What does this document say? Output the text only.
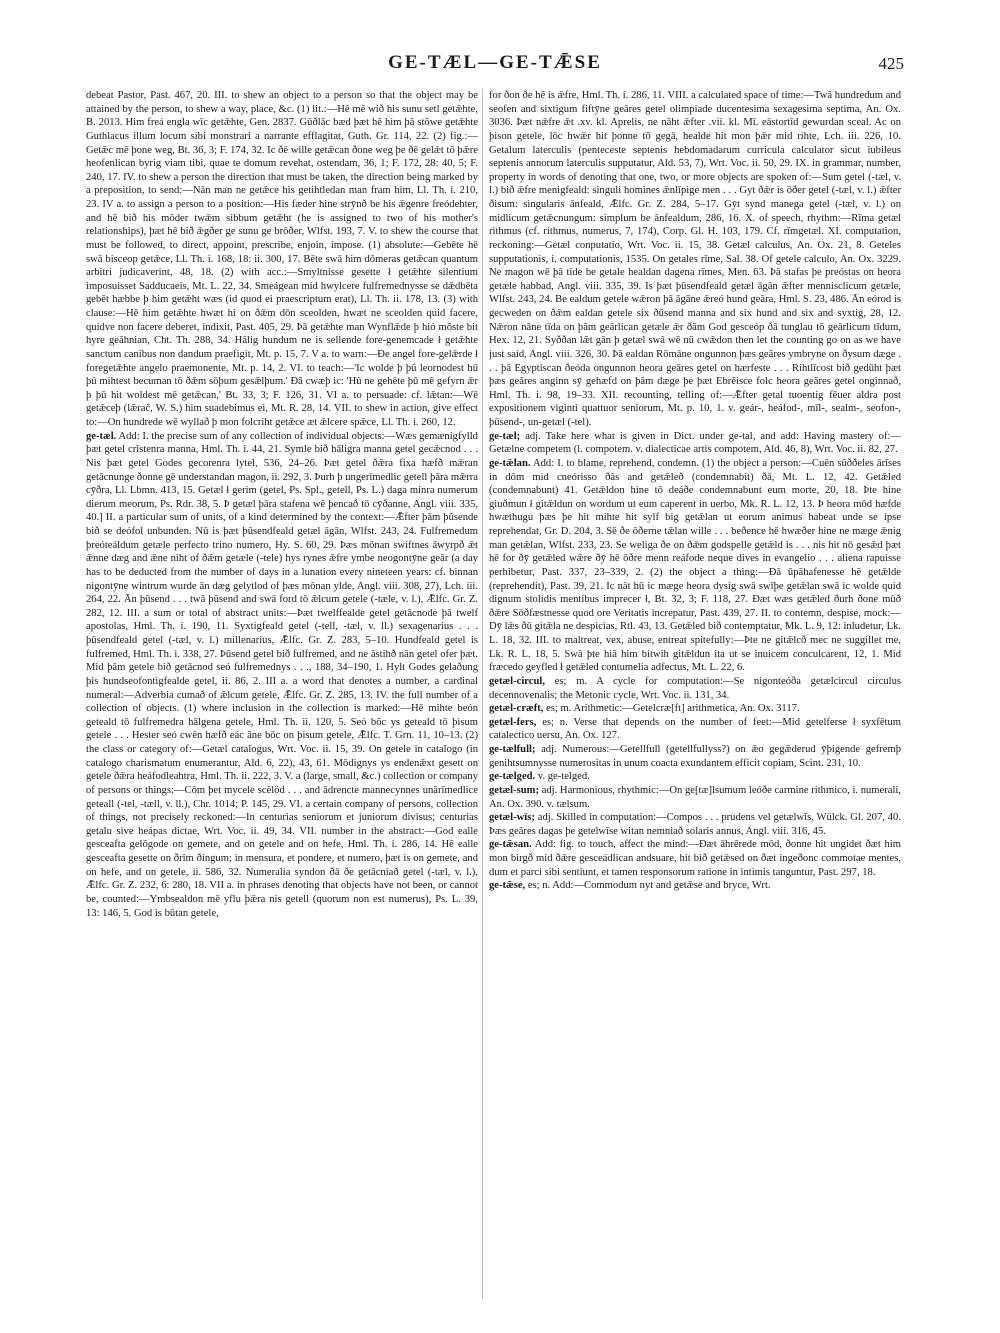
GE-TÆL—GE-TǢSE	425

debeat Pastor, Past. 467, 20. III. to shew an object to a person so that the object may be attained by the person, to shew a way, place, &c. (1) lit.:—Hē mē wið his sunu setl getǣhte, B. 2013. Him freá engla wīc getǣhte, Gen. 2837. Gūðlāc bæd þæt hē him þā stōwe getǣhte Guthlacus illum locum sibi monstrari a narrante efflagitat, Guth. Gr. 114, 22. (2) fig.:—Getǣc mē þone weg, Bt. 36, 3; F. 174, 32. Ic ðē wille getǣcan ðone weg þe ðē gelǣt tō þǣre heofenlican byrig viam tibi, quae te domum revehat, ostendam, 36, 1; F. 172, 28: 40, 5; F. 240, 17. IV. to shew a person the direction that must be taken, the direction being marked by a preposition, to send:—Nān man ne getǣce his getihtledan man fram him, Ll. Th. i. 210, 23. IV a. to assign a person to a position:—His fæder hine strȳnð be his ǣgenre freódehter, and hē bið his mōder twǣm sibbum getǣht (he is assigned to two of his mother's relationships), þæt hē bið ǣgðer ge sunu ge brōðer, Wlfst. 193, 7. V. to shew the course that must be followed, to direct, appoint, prescribe, enjoin, impose. (1) absolute:—Gebēte hē swā bisceop getǣce, Ll. Th. i. 168, 18: ii. 300, 17. Bēte swā him dōmeras getǣcan quantum arbitri judicaverint, 48, 18. (2) with acc.:—Smyltnisse gesette ł getǣhte silentium imposuisset Sadducaeis, Mt. L. 22, 34. Smeágean mid hwylcere fulfremednysse se dǣdbēta gebēt hæbbe þ him getǣht wæs (id quod ei praescriptum erat), Ll. Th. ii. 178, 13. (3) with clause:—Hē him getǣhte hwæt hi on ðǣm dōn sceolden, hwæt ne sceolden quid facere, quidve non facere deberet, indixit, Past. 405, 29. Þā getǣhte man Wynflǣde þ hió mōste bit hyre geāhnian, Cht. Th. 288, 34. Hālig hundum ne is sellende fore-genemcade ł getǣhte sanctum canibus non dandum praefigit, Mt. p. 15, 7. V a. to warn:—Ðe angel fore-gelǣrde ł foregetǣhte angelo praemonente, Mt. p. 14, 2. VI. to teach:—'Ic wolde þ þū leornodest hū þū mihtest becuman tō ðǣm sōþum gesǣlþum.' Ðā cwæþ ic: 'Hū ne gehēte þū mē gefyrn ǣr þ þū hit woldest mē getǣcan,' Bt. 33, 3; F. 126, 31. VI a. to persuade: cf. lǣtan:—Wē getǣceþ (lǣrač, W. S.) him suadebimus ei, Mt. R. 28, 14. VII. to shew in action, give effect to:—On hundrede wē wyllað þ mon folcriht getǣce æt ǣlcere spǣce, Ll. Th. i. 260, 12.

ge-tæl. Add: I. the precise sum of any collection of individual objects:—Wæs gemænigfylld þæt getel crīstenra manna, Hml. Th. i. 44, 21. Symle bið hāligra manna getel gecǣcnod . . . Nis þæt getel Godes gecorenra lytel, 536, 24–26. Þæt getel ðǣra fixa hæfð mǣran getācnunge ðonne gē understandan magon, ii. 292, 3. Þurh þ ungerīmedlic getell þāra mǣrra cȳðra, Ll. Lbmn. 413, 15. Getæl ł gerim (getel, Ps. Spl., getell, Ps. L.) daga minra numerum dierum meorum, Ps. Rdr. 38, 5. Þ getæl þāra stafena wē þencað tō cȳðanne, Angl. viii. 335, 40.] II. a particular sum of units, of a kind determined by the context:—Ǣfter þām þūsende bið se deófol unbunden. Nū is þæt þūsendfeald getæl āgān, Wlfst. 243, 24. Fulfremedum þreóteáldum getæle perfecto trino numero, Hy. S. 60, 29. Þæs mōnan swiftnes āwyrpð ǣt ǣnne dæg and ǣne niht of ðǣm getæle (-tele) hys rynes ǣfre ymbe neogontȳne geār (a day has to be deducted from the number of days in a lunation every nineteen years: cf. binnan nigontȳne wintrum wurde ān dæg gelytlod of þæs mōnan ylde, Angl. viii. 308, 27), Lch. iii. 264, 22. Ān þūsend . . . twā þūsend and swā ford tō ǣlcum getele (-tæle, v. l.), Ǣlfc. Gr. Z. 282, 12. III. a sum or total of abstract units:—Þæt twelffealde getel getācnode þā twelf apostolas, Hml. Th. i. 190, 11. Syxtigfeald getel (-tell, -tæl, v. ll.) sexagenarius . . . þūsendfeald getel (-tæl, v. l.) millenarius, Ǣlfc. Gr. Z. 283, 5–10. Hundfeald getel is fulfremed, Hml. Th. i. 338, 27. Þūsend getel bið fulfremed, and ne āstihð nān getel ofer þæt. Mid þām getele bið getācnod seó fulfremednys . . ., 188, 34–190, 1. Hylt Godes gelaðung þis hundseofontigfealde getel, ii. 86, 2. III a. a word that denotes a number, a cardinal numeral:—Adverbia cumað of ǣlcum getele, Ǣlfc. Gr. Z. 285, 13. IV. the full number of a collection of objects. (1) where inclusion in the collection is marked:—Hē mihte beón geteald tō fulfremedra hālgena getele, Hml. Th. ii. 120, 5. Seó bōc ys geteald tō þisum getele . . . Hester seó cwēn hæfð eác āne bōc on þisum getele, Ǣlfc. T. Grn. 11, 10–13. (2) the class or category of:—Getæl catalogus, Wrt. Voc. ii. 15, 39. On getele in catalogo (in catalogo charismatum enumerantur, Ald. 6, 22), 43, 61. Mōdignys ys endenǣxt gesett on getele ðǣra heáfodleahtra, Hml. Th. ii. 222, 3. V. a (large, small, &c.) collection or company of persons or things:—Cōm þet mycele scēlöd . . . and ādrencte mannecynnes unārīmedlice geteall (-tel, -tæll, v. ll.), Chr. 1014; P. 145, 29. VI. a certain company of persons, collection of things, not precisely reckoned:—In centurias seniorum et juniorum divisus; centurias getalu sive heápas dictae, Wrt. Voc. ii. 49, 34. VII. number in the abstract:—God ealle gesceafta gelōgode on gemete, and on getele and on hefe, Hml. Th. i. 286, 14. Hē ealle gesceafta gesette on ðrīm ðingum; in mensura, et pondere, et numero, þæt is on gemete, and on hefe, and on getele, ii. 586, 32. Numeralia syndon ðā ðe getācniað getel (-tæl, v. l.), Ǣlfc. Gr. Z. 232, 6: 280, 18. VII a. in phrases denoting that objects have not been, or cannot be, counted:—Ymbsealdon mē yflu þǣra nis getell (quorum non est numerus), Ps. L. 39, 13: 146, 5. God is būtan getele,

for ðon ðe hē is ǣfre, Hml. Th. i. 286, 11. VIII. a calculated space of time:—Twā hundredum and seofen and sixtigum fiftȳne geāres getel olimpiade ducentesima sexagesima septima, An. Ox. 3036. Þæt nǣfre ǣt .xv. kl. Aprelis, ne nāht ǣfter .vii. kl. Mī. eāstortīd gewurdan sceal. Ac on þison getele, lōc hwǣr hit þonne tō gegā, healde hit mon þǣr mid rihte, Lch. iii. 226, 10. Getalum laterculis (penteceste septenis hebdomadarum curricula calculator sicut iubileus septenis annorum laterculis supputatur, Ald. 53, 7), Wrt. Voc. ii. 50, 29. IX. in grammar, number, property in words of denoting that one, two, or more objects are spoken of:—Sum getel (-tæl, v. l.) bið ǣfre menigfeald: singuli homines ǣnlīpige men . . . Gyt ðǣr is ōðer getel (-tæl, v. l.) ǣfter ðisum: singularis ānfeald, Ǣlfc. Gr. Z. 284, 5–17. Gȳt synd manega getel (-tæl, v. l.) on midlicum getǣcnungum: simplum be ānfealdum, 286, 16. X. of speech, rhythm:—Rīma getæl rithmus (cf. rithmus, numerus, 7, 174), Corp. Gl. H. 103, 179. Cf. rīmgetæl. XI. computation, reckoning:—Getæl conputatio, Wrt. Voc. ii. 15, 38. Getæl calculus, An. Ox. 21, 8. Geteles supputationis, i. computationis, 1535. On getales rīme, Sal. 38. Of getele calculo, An. Ox. 3229. Ne magon wē þā tīde be getale healdan dagena rīmes, Men. 63. Þā stafas þe preóstas on heora getæle habbad, Angl. viii. 335, 39. Is þæt þūsendfeald getæl āgān ǣfter mennisclicum getæle, Wlfst. 243, 24. Be ealdum getele wǣron þā āgāne ǣreó hund geāra, Hml. S. 23, 486. Ān eórod is gecweden on ðǣm ealdan getele six ðūsend manna and six hund and six and syxtig, 28, 12. Nǣron nāne tīda on þām geārlican getæle ǣr ðām God gesceóp ðā tunglau tō geārlicum tīdum, Hex. 12, 21. Syððan lǣt gān þ getæl swā wē nū cwǣdon then let the counting go on as we have just said, Angl. viii. 326, 30. Þā ealdan Rōmāne ongunnon þæs geāres ymbryne on ðysum dæge . . . þā Egyptiscan ðeóda ongunnon heora geāres getel on hærfeste . . . Rihtlīcost bið gedūht þæt þæs geāres anginn sȳ gehæfd on þām dæge þe þæt Ebrēisce folc heora geāres getel onginnað, Hml. Th. i. 98, 19–33. XII. recounting, telling of:—Ǣfter getal tuoentig fēuer aldra post expositionem viginti quattuor seniorum, Mt. p. 10, 1. v. geár-, heáfod-, mīl-, sealm-, seofon-, þūsend-, un-getæl (-tel).

ge-tæl; adj. Take here what is given in Dict. under ge-tal, and add: Having mastery of:—Getælne competem (l. compotem. v. dialecticae artis compotem, Ald. 46, 8), Wrt. Voc. ii. 82, 27.

ge-tǣlan. Add: I. to blame, reprehend, condemn. (1) the object a person:—Cuēn sūððeles ārīses in dōm mid cneórisso ðās and getǣleð (condemnabit) ðā, Mt. L. 12, 42. Getǣled (condemnabunt) 41. Getǣldon hine tō deáðe condemnabunt eum morte, 20, 18. Þte hine giuðmun ł gitǣldun on wordum ut eum caperent in uerbo, Mk. R. L. 12, 13. Þ heora mōd hæfde hwæthugu þæs þe hit mihte hit sylf big getǣlan ut eorum animus habeat unde se ipse reprehendat, Gr. D. 204, 3. Sē ðe ōðerne tǣlan wille . . . beðence hē hwæðer hine ne mæge ǣnig man getǣlan, Wlfst. 233, 23. Se weliga ðe on ðǣm godspelle getǣld is . . . nis hit nō gesǣd þæt hē for ðȳ getǣled wǣre ðȳ hē ōðre menn reáfode neque dives in evangelio . . . aliena rapuisse perhibetur, Past. 337, 23–339, 2. (2) the object a thing:—Ðā ūpāhafenesse hē getǣlde (reprehendit), Past. 39, 21. Ic nāt hū ic mæge heora dysig swā swīþe getǣlan swā ic wolde quid dignum stolidis mentibus imprecer ł, Bt. 32, 3; F. 118, 27. Ðæt wæs getǣled ðurh ðone mūð ðǣre Sōðfæstnesse quod ore Veritatis increpatur, Past. 439, 27. II. to contemn, despise, mock:—Dȳ lǣs ðū gitǣla ne despicias, Rtl. 43, 13. Getǣled bið contemptatur, Mk. L. 9, 12: inludetur, Lk. L. 18, 32. III. to maltreat, vex, abuse, entreat spitefully:—Þte ne gitǣlcð mec ne suggillet me, Lk. R. L. 18, 5. Swā þte hiā him bitwih gitǣldun ita ut se inuicem conculcarent, 12, 1. Mid fræcedo geyfled ł getǣled contumelia adfectus, Mt. L. 22, 6.

getæl-circul, es; m. A cycle for computation:—Se nigonteóða getælcircul circulus decennovenalis; the Metonic cycle, Wrt. Voc. ii. 131, 34.

getæl-cræft, es; m. Arithmetic:—Getelcræ[ft] arithmetica, An. Ox. 3117.

getæl-fers, es; n. Verse that depends on the number of feet:—Mid getelferse ł syxfētum catalectico uersu, An. Ox. 127.

ge-tælfull; adj. Numerous:—Getellfull (getellfullyss?) on ǣo gegǣderud ȳþigende gefremþ genihtsumnysse numerositas in unum coacta exundantem efficit copiam, Scint. 231, 10.

ge-tælged. v. ge-telged.

getæl-sum; adj. Harmonious, rhythmic:—On ge[tæ]lsumum leóðe carmine rithmico, i. numerali, An. Ox. 390. v. tælsum.

getæl-wīs; adj. Skilled in computation:—Compos . . . prudens vel getælwīs, Wülck. Gl. 207, 40. Þæs geāres dagas þe getelwīse witan nemniað solaris annus, Angl. viii. 316, 45.

ge-tǣsan. Add: fig. to touch, affect the mind:—Ðæt āhrērede mōd, ðonne hit ungidet ðæt him mon birgð mid ðǣre gesceádlican andsuare, hit bið getǣsed on ðæt ingeðonc commotae mentes, dum et parci sibi sentiunt, et tamen responsorum ratione in intimis tanguntur, Past. 297, 18.

ge-tǣse, es; n. Add:—Commodum nyt and getǣse and bryce, Wrt.
